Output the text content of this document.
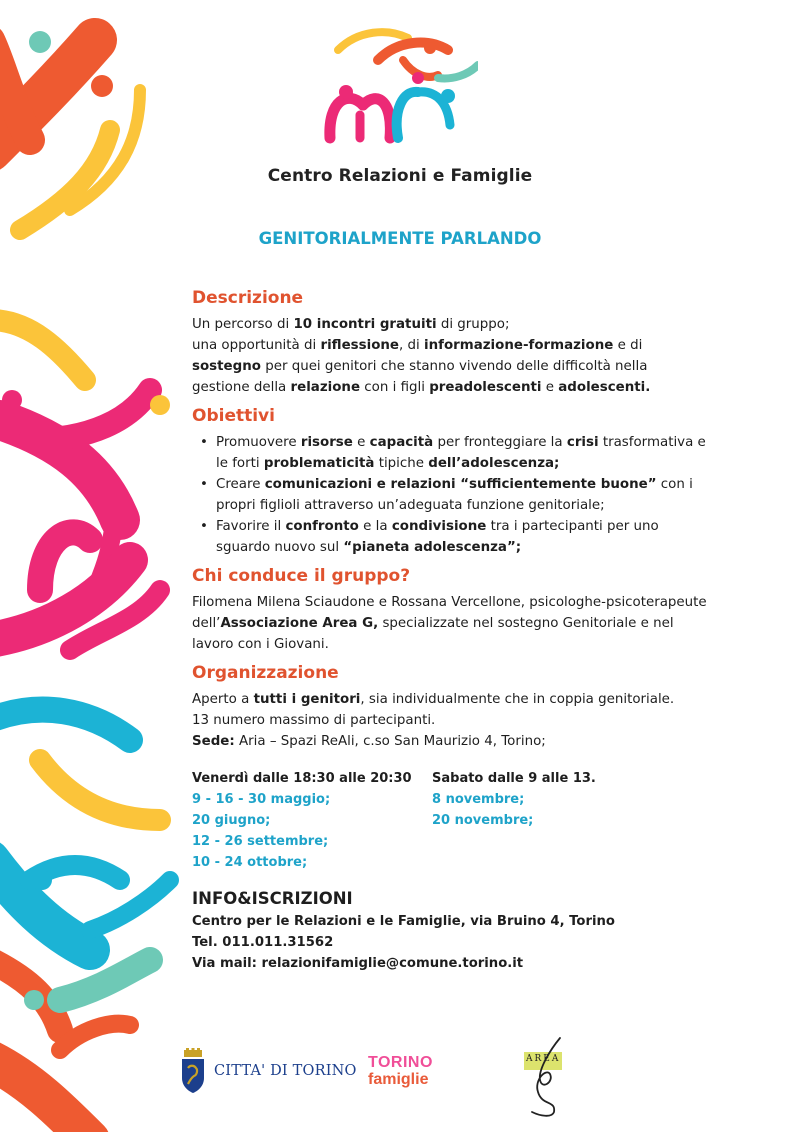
Centro Relazioni e Famiglie
GENITORIALMENTE PARLANDO
Descrizione

Un percorso di 10 incontri gratuiti di gruppo;

una opportunità di riflessione, di informazione-formazione e di

sostegno per quei genitori che stanno vivendo delle difficoltà nella

gestione della relazione con i figli preadolescenti e adolescenti.

Obiettivi
• Promuovere risorse e capacità per fronteggiare la crisi trasformativa e le forti problematicità tipiche dell’adolescenza;
• Creare comunicazioni e relazioni “sufficientemente buone” con i propri figlioli attraverso un’adeguata funzione genitoriale;
• Favorire il confronto e la condivisione tra i partecipanti per uno sguardo nuovo sul “pianeta adolescenza”;
Chi conduce il gruppo?

Filomena Milena Sciaudone e Rossana Vercellone, psicologhe-psicoterapeute dell’Associazione Area G, specializzate nel sostegno Genitoriale e nel lavoro con i Giovani.

Organizzazione

Aperto a tutti i genitori, sia individualmente che in coppia genitoriale.

13 numero massimo di partecipanti.

Sede: Aria – Spazi ReAli, c.so San Maurizio 4, Torino;

Venerdì dalle 18:30 alle 20:30
9 - 16 - 30 maggio;
20 giugno;
12 - 26 settembre;
10 - 24 ottobre;
Sabato dalle 9 alle 13.
8 novembre;
20 novembre;
INFO&ISCRIZIONI
Centro per le Relazioni e le Famiglie, via Bruino 4, Torino
Tel. 011.011.31562
Via mail: relazionifamiglie@comune.torino.it
CITTA' DI TORINO TORINO
famiglie
AREA
